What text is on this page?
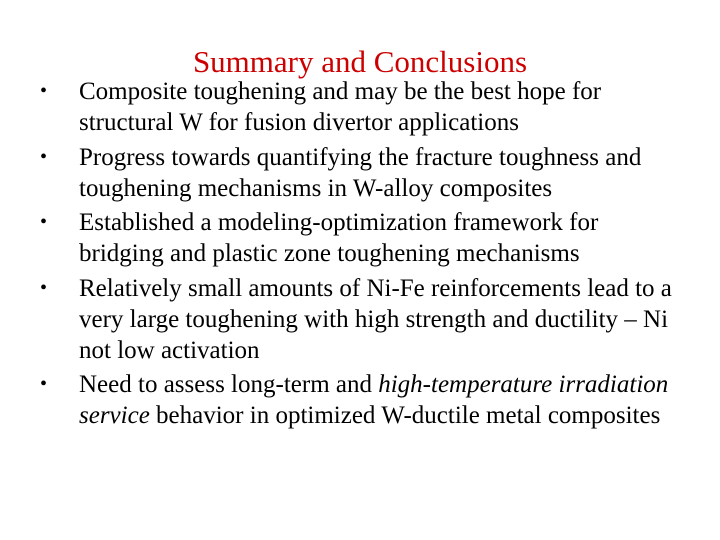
Summary and Conclusions
•	Composite toughening and may be the best hope for structural W for fusion divertor applications
•	Progress towards quantifying the fracture toughness and toughening mechanisms in W-alloy composites
•	Established a modeling-optimization framework for bridging and plastic zone toughening mechanisms
•	Relatively small amounts of Ni-Fe reinforcements lead to a very large toughening with high strength and ductility – Ni not low activation
•	Need to assess long-term and high-temperature irradiation service behavior in optimized W-ductile metal composites
